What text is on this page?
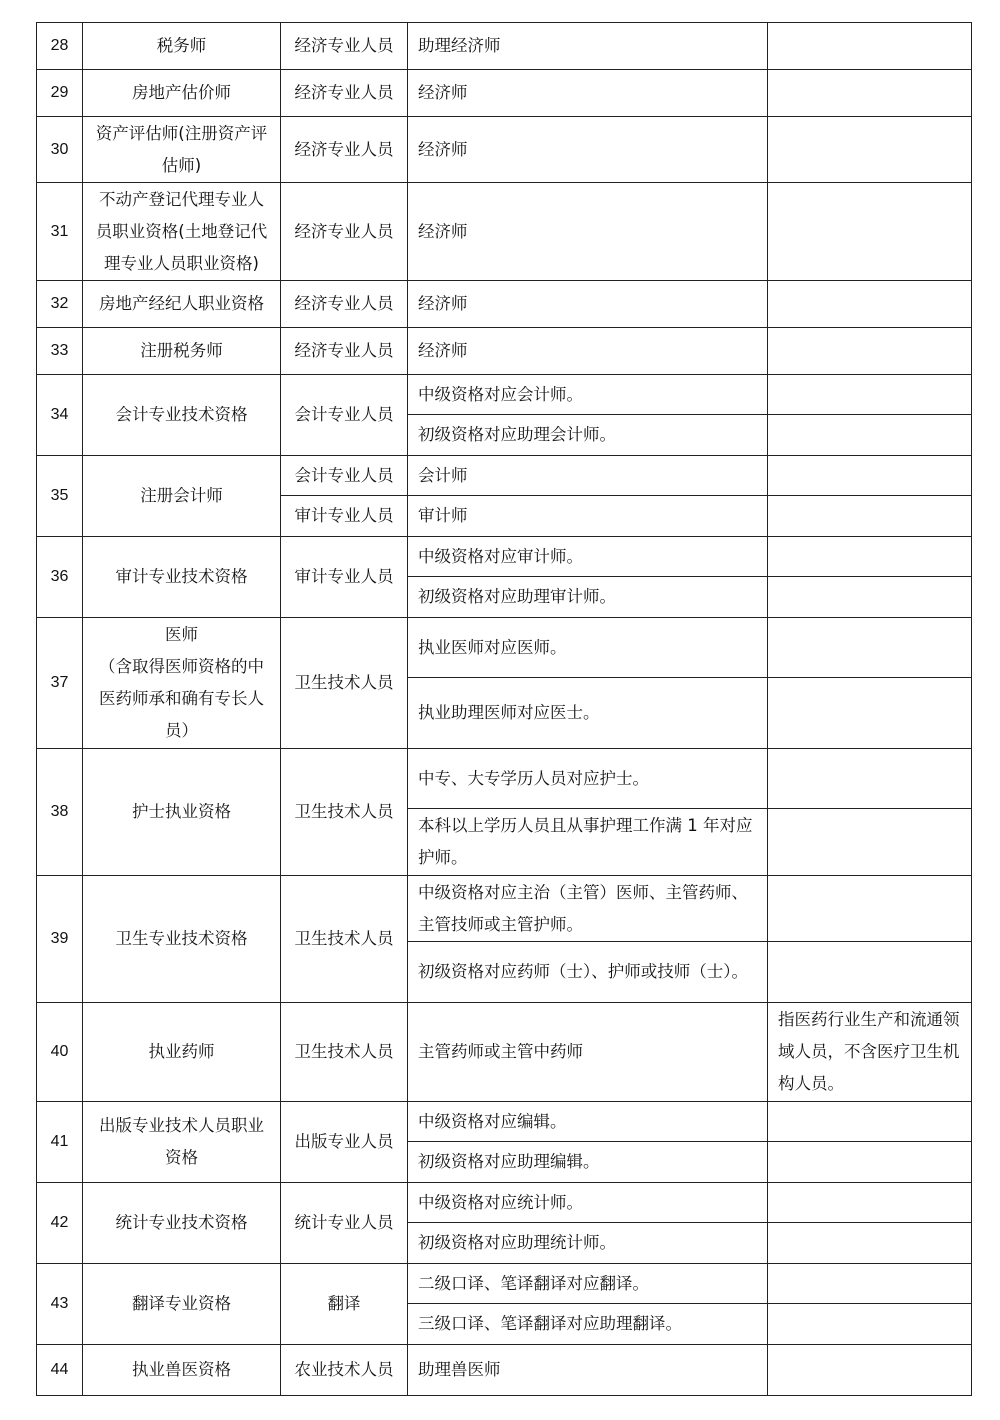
28	税务师	经济专业人员	助理经济师	
29	房地产估价师	经济专业人员	经济师	
30	资产评估师(注册资产评估师)	经济专业人员	经济师	
31	不动产登记代理专业人员职业资格(土地登记代理专业人员职业资格)	经济专业人员	经济师	
32	房地产经纪人职业资格	经济专业人员	经济师	
33	注册税务师	经济专业人员	经济师	
34	会计专业技术资格	会计专业人员	中级资格对应会计师。	
			初级资格对应助理会计师。	
35	注册会计师	会计专业人员	会计师	
		审计专业人员	审计师	
36	审计专业技术资格	审计专业人员	中级资格对应审计师。	
			初级资格对应助理审计师。	
37	医师
（含取得医师资格的中医药师承和确有专长人员）	卫生技术人员	执业医师对应医师。	
			执业助理医师对应医士。	
38	护士执业资格	卫生技术人员	中专、大专学历人员对应护士。	
			本科以上学历人员且从事护理工作满 1 年对应护师。	
39	卫生专业技术资格	卫生技术人员	中级资格对应主治（主管）医师、主管药师、主管技师或主管护师。	
			初级资格对应药师（士）、护师或技师（士）。	
40	执业药师	卫生技术人员	主管药师或主管中药师	指医药行业生产和流通领域人员，不含医疗卫生机构人员。
41	出版专业技术人员职业资格	出版专业人员	中级资格对应编辑。	
			初级资格对应助理编辑。	
42	统计专业技术资格	统计专业人员	中级资格对应统计师。	
			初级资格对应助理统计师。	
43	翻译专业资格	翻译	二级口译、笔译翻译对应翻译。	
			三级口译、笔译翻译对应助理翻译。	
44	执业兽医资格	农业技术人员	助理兽医师	
